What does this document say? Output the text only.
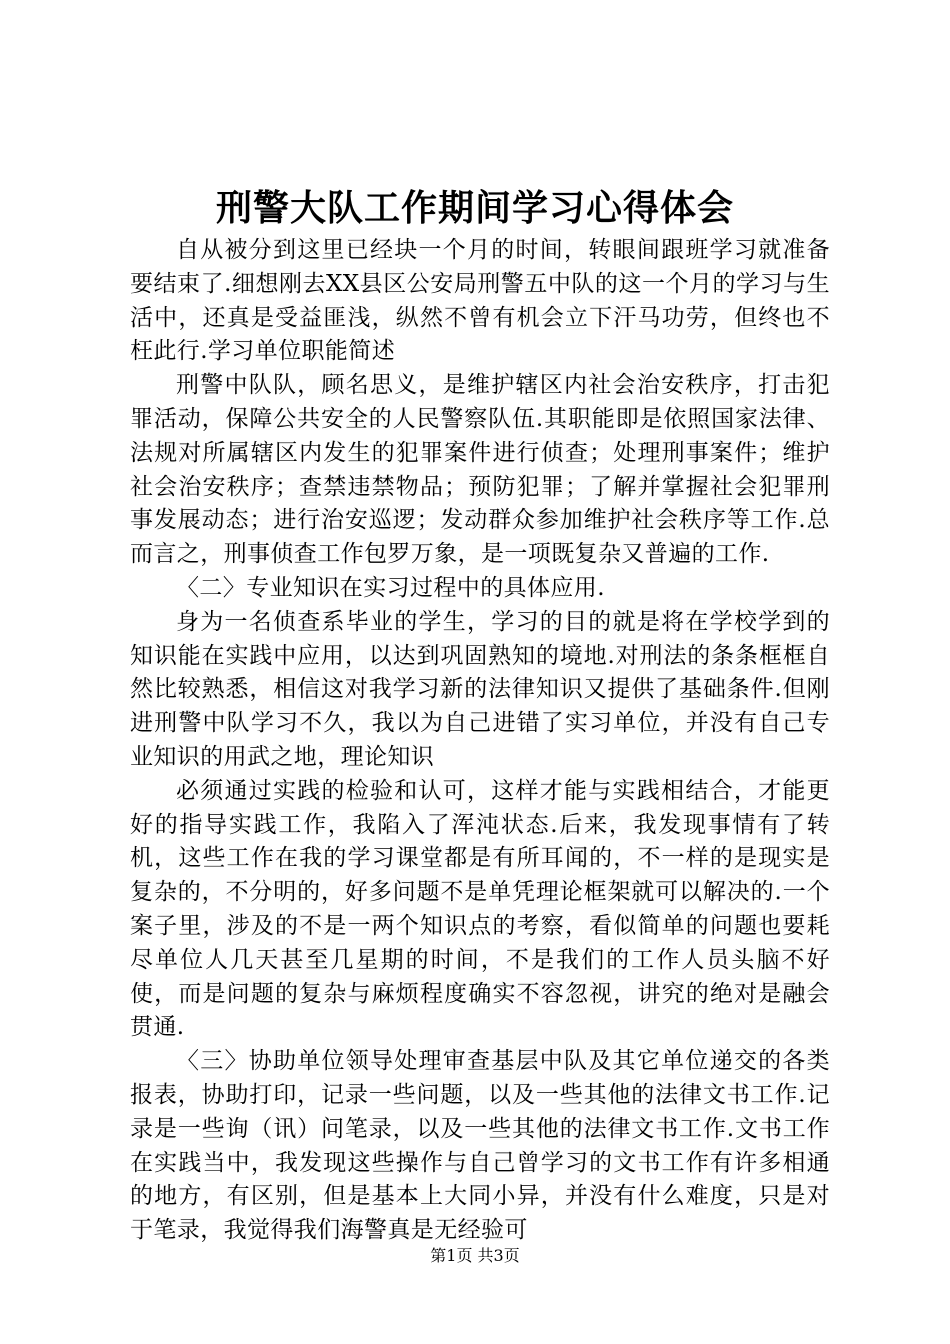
刑警大队工作期间学习心得体会

自从被分到这里已经块一个月的时间，转眼间跟班学习就准备要结束了.细想刚去XX县区公安局刑警五中队的这一个月的学习与生活中，还真是受益匪浅，纵然不曾有机会立下汗马功劳，但终也不枉此行.学习单位职能简述

刑警中队队，顾名思义，是维护辖区内社会治安秩序，打击犯罪活动，保障公共安全的人民警察队伍.其职能即是依照国家法律、法规对所属辖区内发生的犯罪案件进行侦查；处理刑事案件；维护社会治安秩序；查禁违禁物品；预防犯罪；了解并掌握社会犯罪刑事发展动态；进行治安巡逻；发动群众参加维护社会秩序等工作.总而言之，刑事侦查工作包罗万象，是一项既复杂又普遍的工作.

〈二〉专业知识在实习过程中的具体应用.

身为一名侦查系毕业的学生，学习的目的就是将在学校学到的知识能在实践中应用，以达到巩固熟知的境地.对刑法的条条框框自然比较熟悉，相信这对我学习新的法律知识又提供了基础条件.但刚进刑警中队学习不久，我以为自己进错了实习单位，并没有自己专业知识的用武之地，理论知识

必须通过实践的检验和认可，这样才能与实践相结合，才能更好的指导实践工作，我陷入了浑沌状态.后来，我发现事情有了转机，这些工作在我的学习课堂都是有所耳闻的，不一样的是现实是复杂的，不分明的，好多问题不是单凭理论框架就可以解决的.一个案子里，涉及的不是一两个知识点的考察，看似简单的问题也要耗尽单位人几天甚至几星期的时间，不是我们的工作人员头脑不好使，而是问题的复杂与麻烦程度确实不容忽视，讲究的绝对是融会贯通.

〈三〉协助单位领导处理审查基层中队及其它单位递交的各类报表，协助打印，记录一些问题，以及一些其他的法律文书工作.记录是一些询（讯）问笔录，以及一些其他的法律文书工作.文书工作在实践当中，我发现这些操作与自己曾学习的文书工作有许多相通的地方，有区别，但是基本上大同小异，并没有什么难度，只是对于笔录，我觉得我们海警真是无经验可

第1页 共3页
